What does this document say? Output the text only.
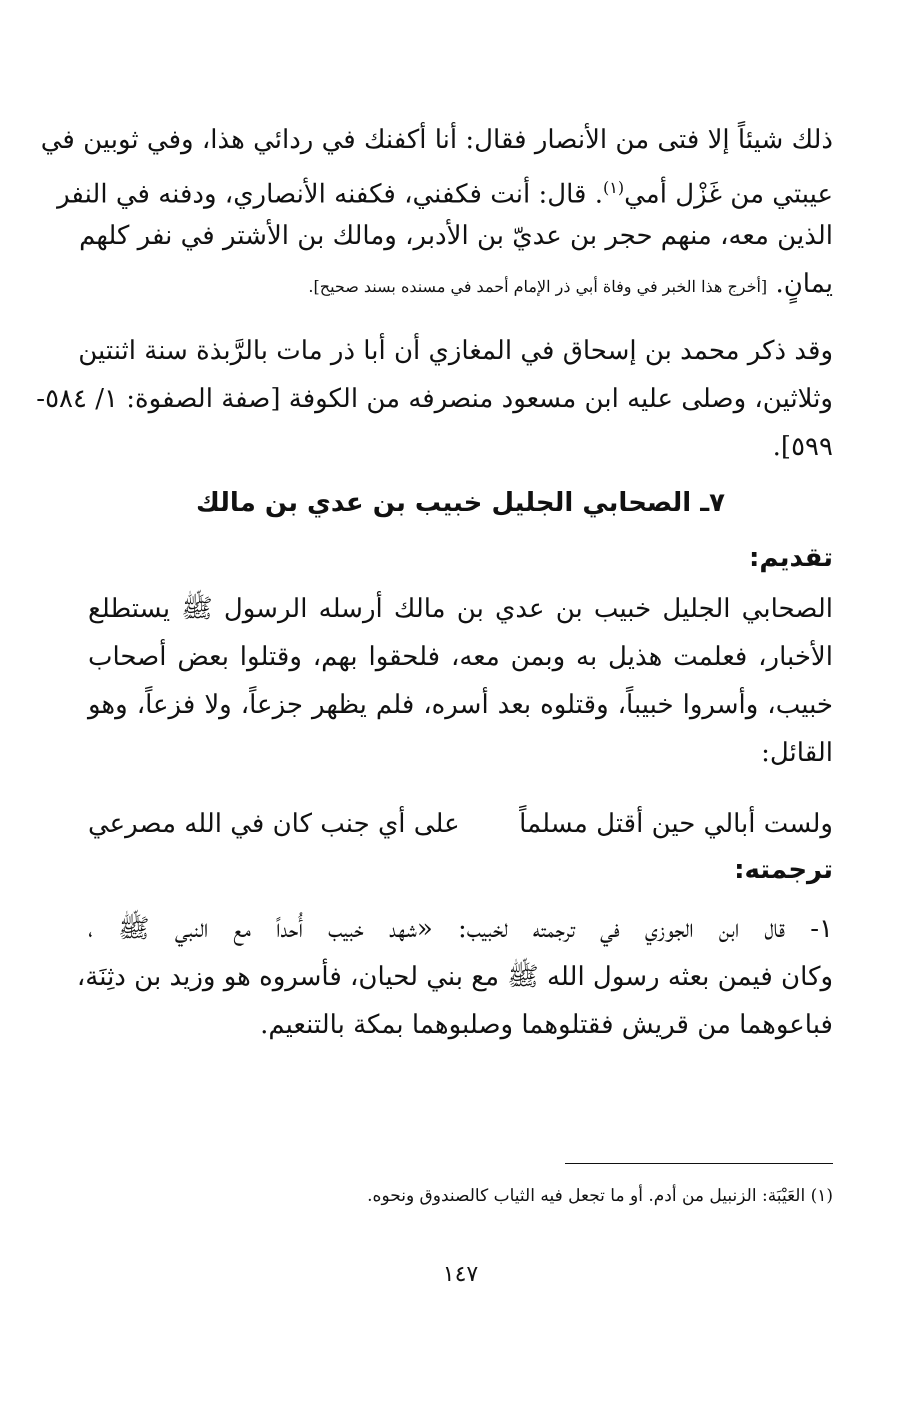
ذلك شيئاً إلا فتى من الأنصار فقال: أنا أكفنك في ردائي هذا، وفي ثوبين في
عيبتي من غَزْل أمي$^{(١)}$. قال: أنت فكفني، فكفنه الأنصاري، ودفنه في النفر
الذين معه، منهم حجر بن عديّ بن الأدبر، ومالك بن الأشتر في نفر كلهم
يمانٍ. [أخرج هذا الخبر في وفاة أبي ذر الإمام أحمد في مسنده بسند صحيح].
وقد ذكر محمد بن إسحاق في المغازي أن أبا ذر مات بالرَّبذة سنة اثنتين
وثلاثين، وصلى عليه ابن مسعود منصرفه من الكوفة [صفة الصفوة: ١/ ٥٨٤-
٥٩٩].
٧ـ الصحابي الجليل خبيب بن عدي بن مالك
تقديم:
الصحابي الجليل خبيب بن عدي بن مالك أرسله الرسول ﷺ يستطلع
الأخبار، فعلمت هذيل به وبمن معه، فلحقوا بهم، وقتلوا بعض أصحاب
خبيب، وأسروا خبيباً، وقتلوه بعد أسره، فلم يظهر جزعاً، ولا فزعاً، وهو
القائل:
ولست أبالي حين أقتل مسلماً
على أي جنب كان في الله مصرعي
ترجمته:
١- قال ابن الجوزي في ترجمته لخبيب: «شهد خبيب أُحداً مع النبي ﷺ ،
وكان فيمن بعثه رسول الله ﷺ مع بني لحيان، فأسروه هو وزيد بن دثِنَة،
فباعوهما من قريش فقتلوهما وصلبوهما بمكة بالتنعيم.
(١) العَيْبَة: الزنبيل من أدم. أو ما تجعل فيه الثياب كالصندوق ونحوه.
١٤٧
